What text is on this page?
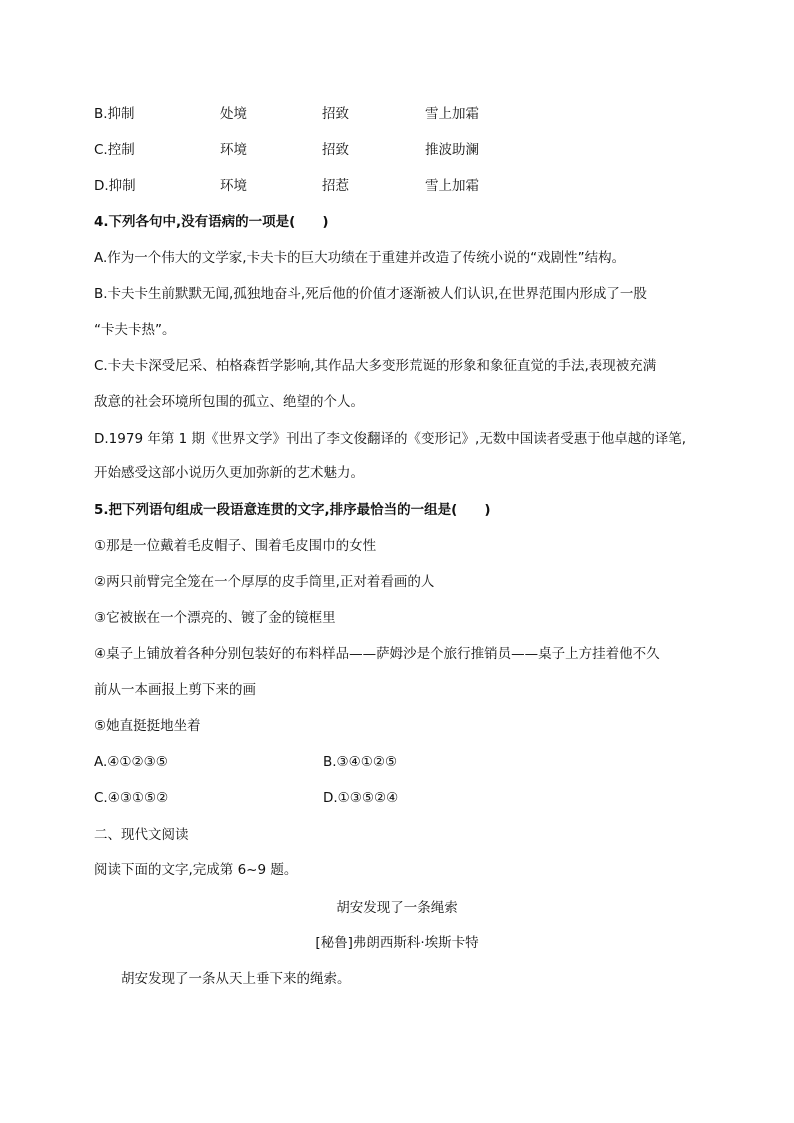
B.抑制	处境	招致	雪上加霜
C.控制	环境	招致	推波助澜
D.抑制	环境	招惹	雪上加霜
4.下列各句中,没有语病的一项是(　　)
A.作为一个伟大的文学家,卡夫卡的巨大功绩在于重建并改造了传统小说的“戏剧性”结构。
B.卡夫卡生前默默无闻,孤独地奋斗,死后他的价值才逐渐被人们认识,在世界范围内形成了一股
“卡夫卡热”。
C.卡夫卡深受尼采、柏格森哲学影响,其作品大多变形荒诞的形象和象征直觉的手法,表现被充满
敌意的社会环境所包围的孤立、绝望的个人。
D.1979 年第 1 期《世界文学》刊出了李文俊翻译的《变形记》,无数中国读者受惠于他卓越的译笔,
开始感受这部小说历久更加弥新的艺术魅力。
5.把下列语句组成一段语意连贯的文字,排序最恰当的一组是(　　)
①那是一位戴着毛皮帽子、围着毛皮围巾的女性
②两只前臂完全笼在一个厚厚的皮手筒里,正对着看画的人
③它被嵌在一个漂亮的、镀了金的镜框里
④桌子上铺放着各种分别包装好的布料样品——萨姆沙是个旅行推销员——桌子上方挂着他不久
前从一本画报上剪下来的画
⑤她直挺挺地坐着
A.④①②③⑤	B.③④①②⑤
C.④③①⑤②	D.①③⑤②④
二、现代文阅读
阅读下面的文字,完成第 6~9 题。
胡安发现了一条绳索
[秘鲁]弗朗西斯科·埃斯卡特
胡安发现了一条从天上垂下来的绳索。
